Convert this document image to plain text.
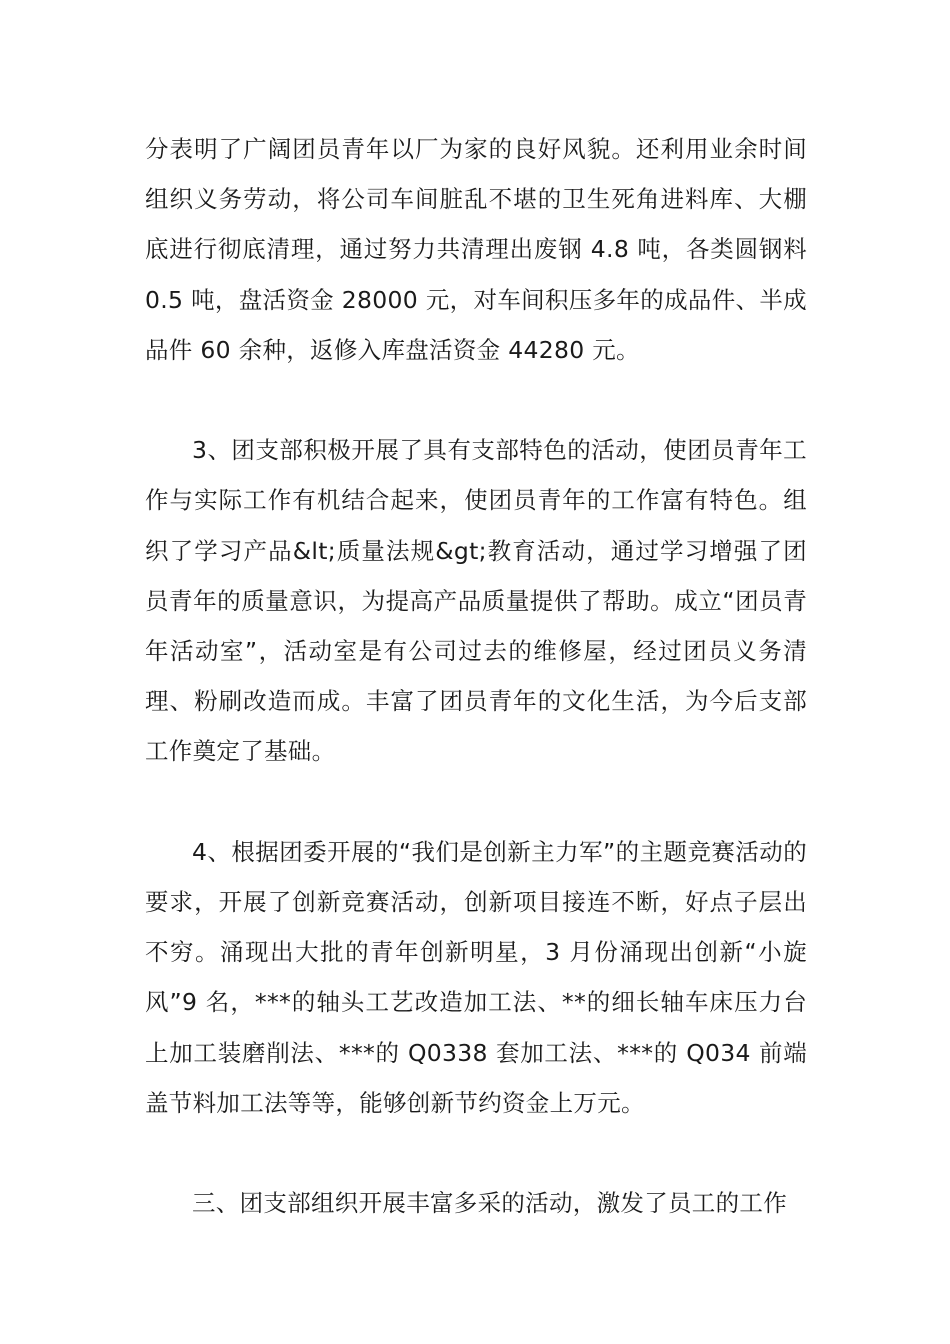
分表明了广阔团员青年以厂为家的良好风貌。还利用业余时间组织义务劳动，将公司车间脏乱不堪的卫生死角进料库、大棚底进行彻底清理，通过努力共清理出废钢 4.8 吨，各类圆钢料 0.5 吨，盘活资金 28000 元，对车间积压多年的成品件、半成品件 60 余种，返修入库盘活资金 44280 元。

3、团支部积极开展了具有支部特色的活动，使团员青年工作与实际工作有机结合起来，使团员青年的工作富有特色。组织了学习产品&lt;质量法规&gt;教育活动，通过学习增强了团员青年的质量意识，为提高产品质量提供了帮助。成立“团员青年活动室”，活动室是有公司过去的维修屋，经过团员义务清理、粉刷改造而成。丰富了团员青年的文化生活，为今后支部工作奠定了基础。

4、根据团委开展的“我们是创新主力军”的主题竞赛活动的要求，开展了创新竞赛活动，创新项目接连不断，好点子层出不穷。涌现出大批的青年创新明星，3 月份涌现出创新“小旋风”9 名，***的轴头工艺改造加工法、**的细长轴车床压力台上加工装磨削法、***的 Q0338 套加工法、***的 Q034 前端盖节料加工法等等，能够创新节约资金上万元。

三、团支部组织开展丰富多采的活动，激发了员工的工作
